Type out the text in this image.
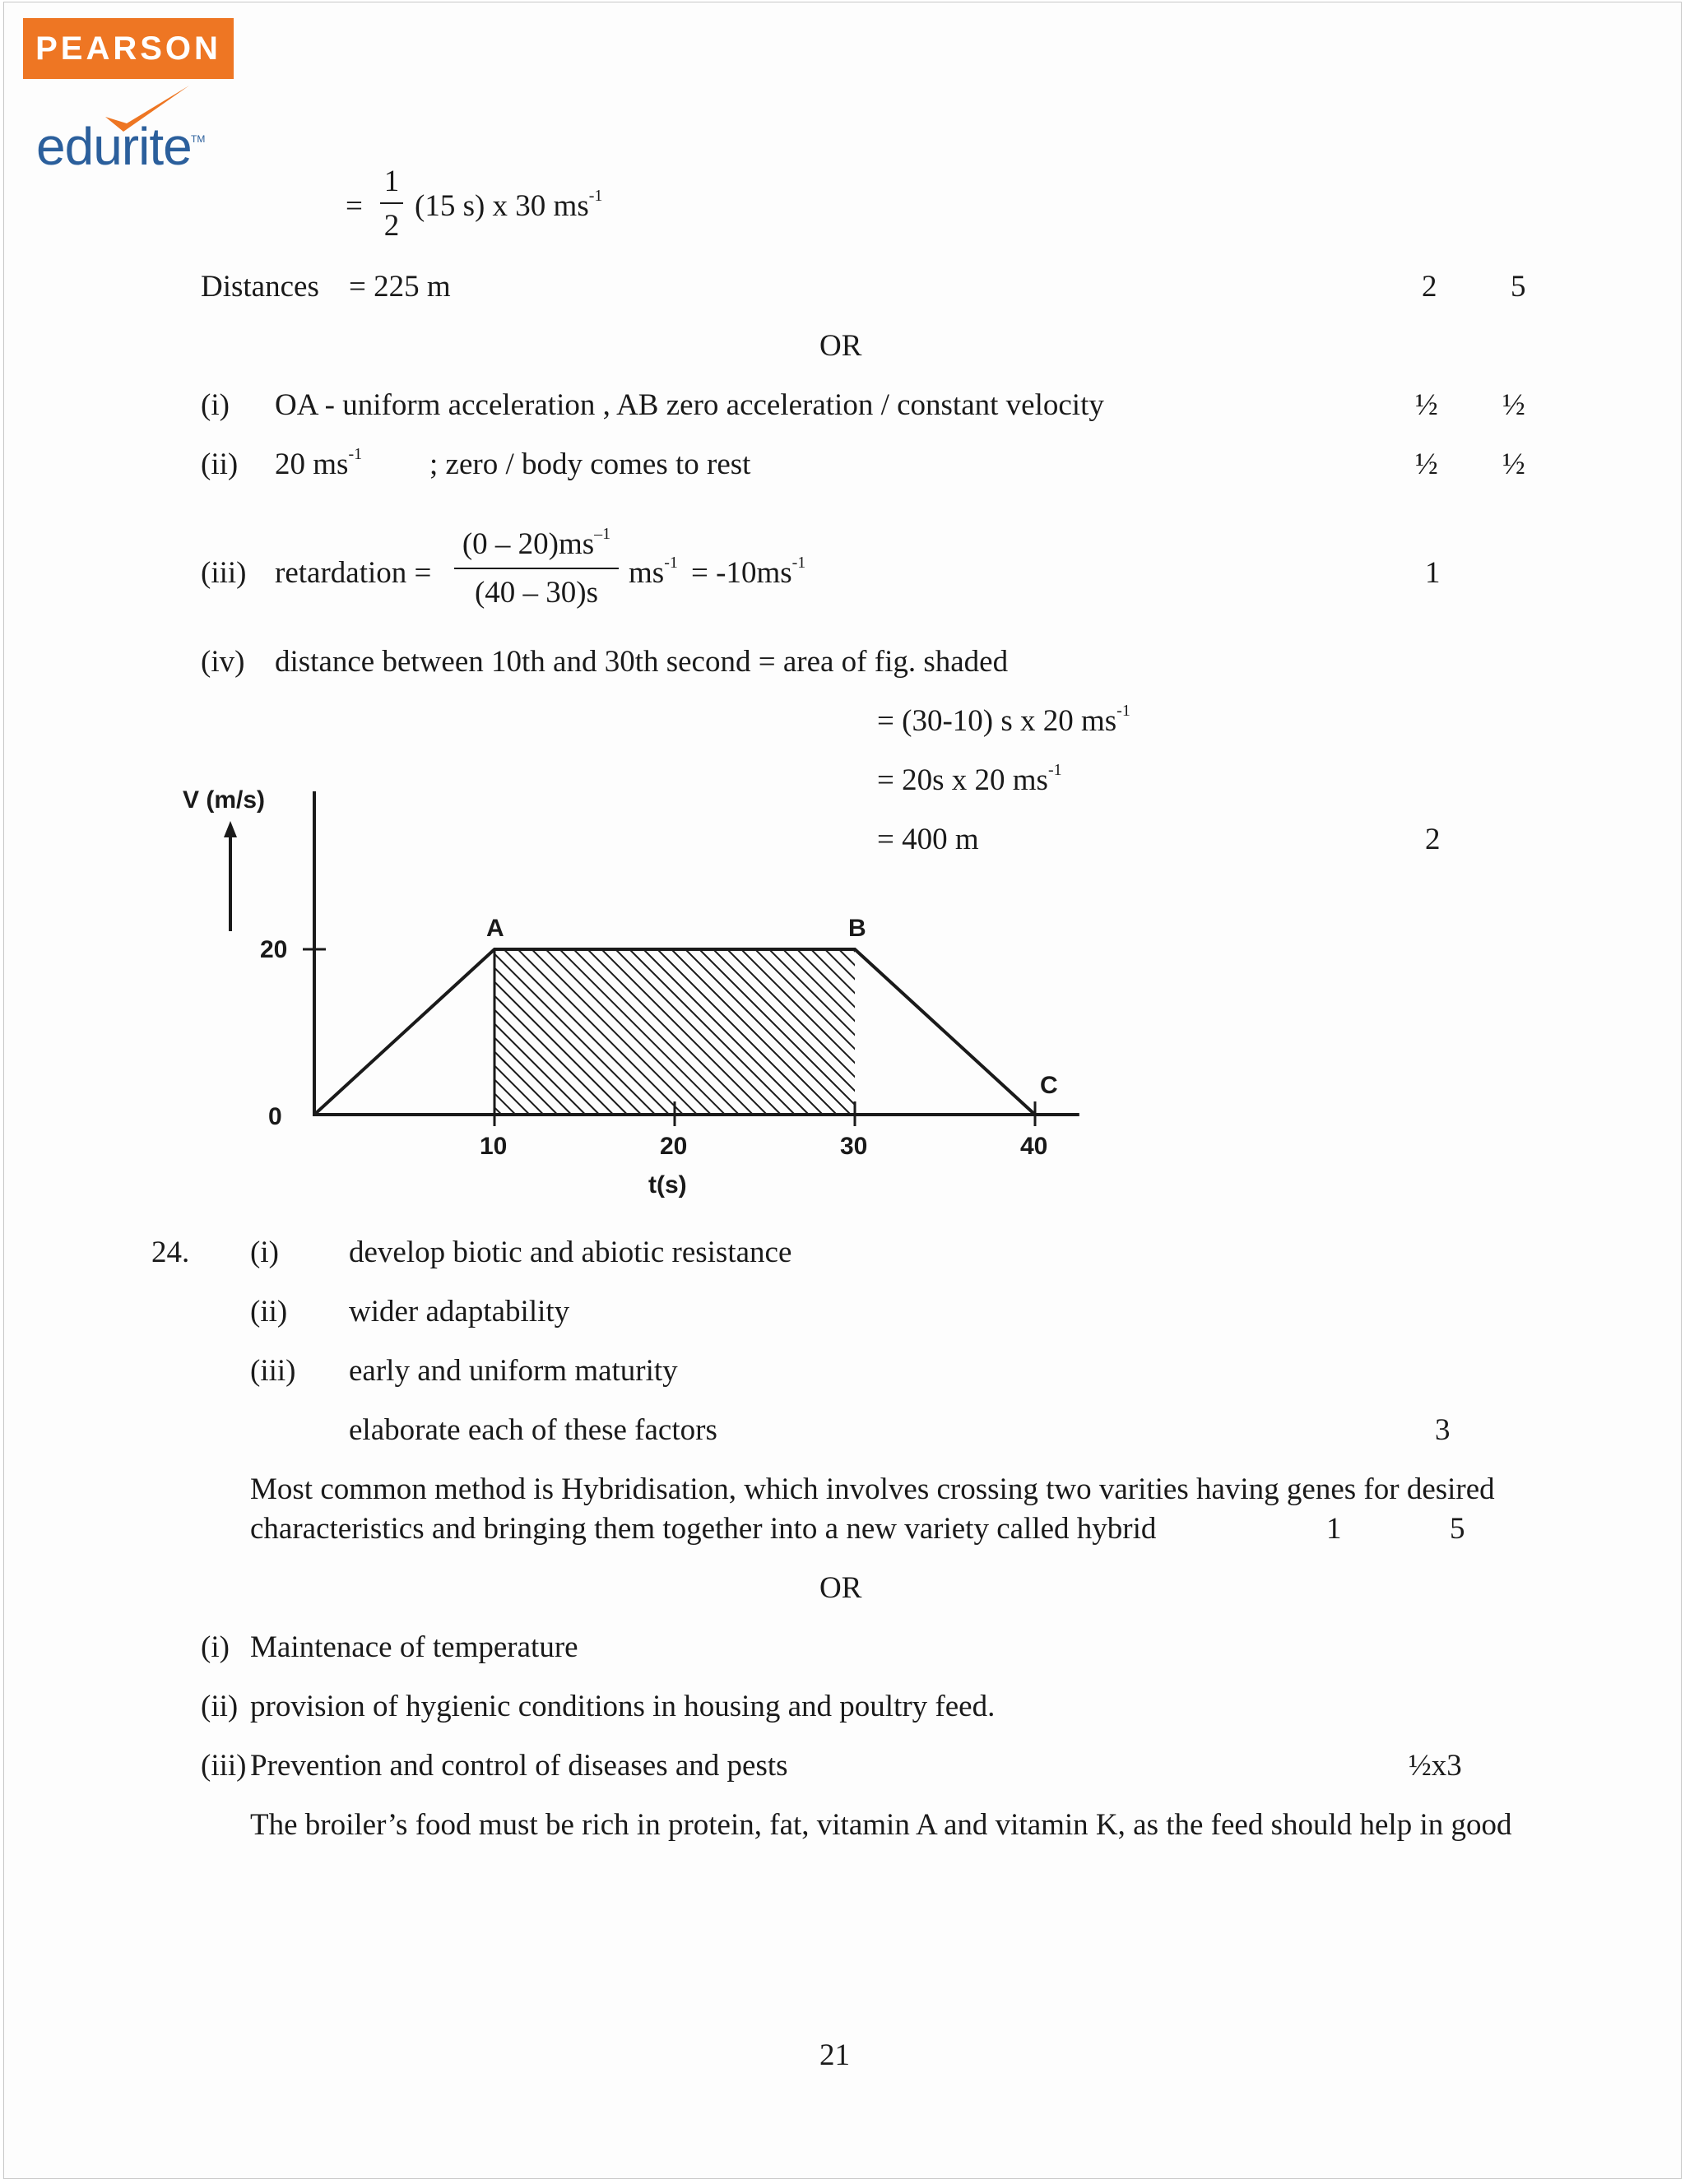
PEARSON
edurite TM
=
1
2
(15 s) x 30 $ms^{-1}$
Distances = 225 m	2 5
OR
(i) OA - uniform acceleration , AB zero acceleration / constant velocity	½ ½
(ii) 20 $ms^{-1}$ ; zero / body comes to rest	½ ½
(iii) retardation =
$(0 - 20)ms^{-1}$
(40 – 30)s
$ms^{-1} = -10ms^{-1}$	1
(iv) distance between 10th and 30th second = area of fig. shaded
= (30-10) s x 20 $ms^{-1}$
= 20s x 20 $ms^{-1}$
= 400 m	2
V (m/s)
t(s)
10	20	30	40
0
20
A	B
C
24. (i) develop biotic and abiotic resistance
(ii) wider adaptability
(iii) early and uniform maturity
elaborate each of these factors	3
Most common method is Hybridisation, which involves crossing two varities having genes for desired
characteristics and bringing them together into a new variety called hybrid	1	5
OR
(i) Maintenace of temperature
(ii) provision of hygienic conditions in housing and poultry feed.
(iii) Prevention and control of diseases and pests	½x3
The broiler’s food must be rich in protein, fat, vitamin A and vitamin K, as the feed should help in good
21
